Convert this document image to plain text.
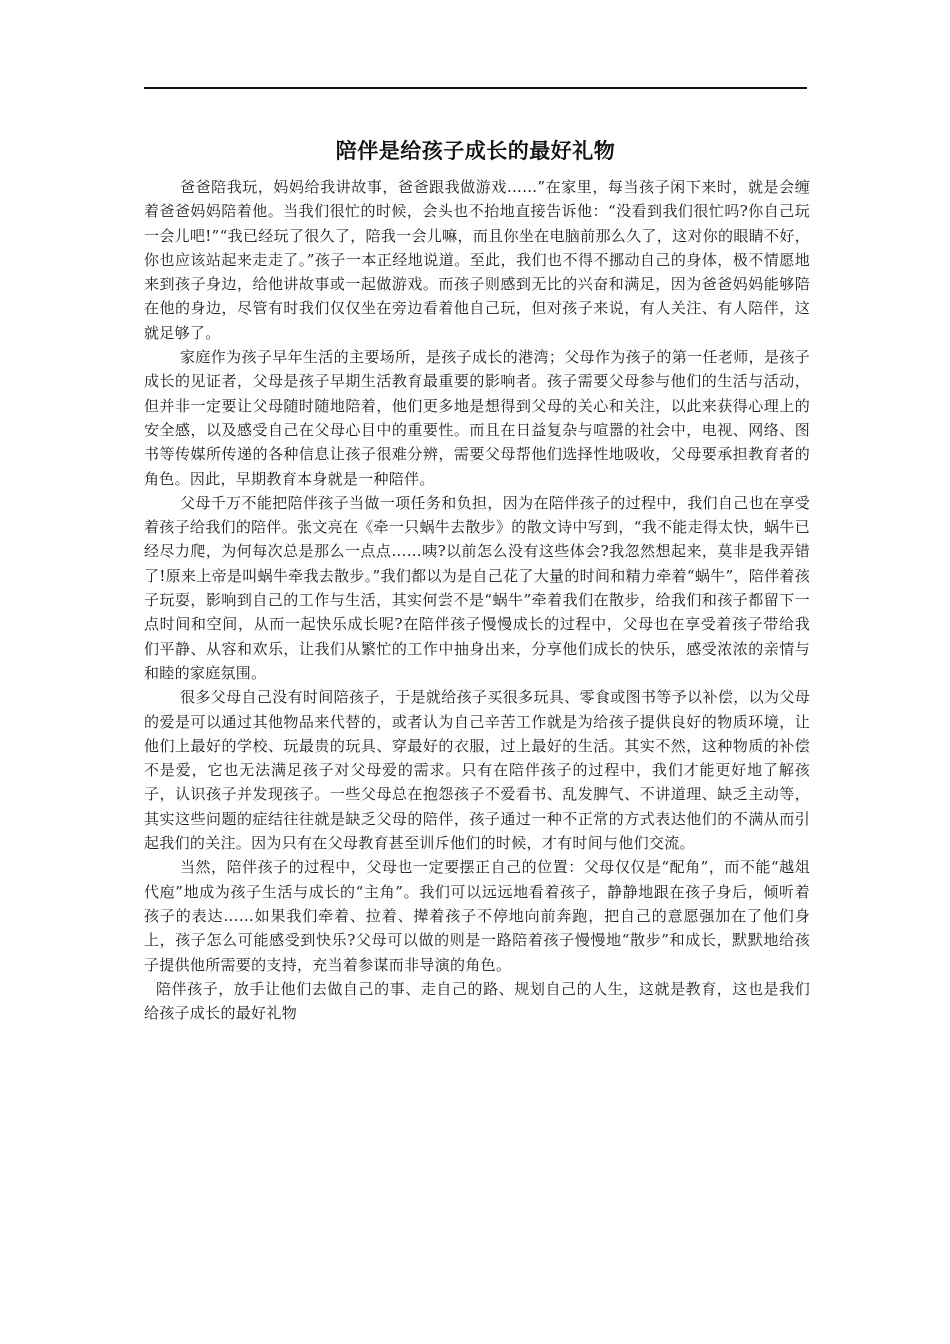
陪伴是给孩子成长的最好礼物

爸爸陪我玩，妈妈给我讲故事，爸爸跟我做游戏……”在家里，每当孩子闲下来时，就是会缠着爸爸妈妈陪着他。当我们很忙的时候，会头也不抬地直接告诉他：“没看到我们很忙吗?你自己玩一会儿吧!”“我已经玩了很久了，陪我一会儿嘛，而且你坐在电脑前那么久了，这对你的眼睛不好，你也应该站起来走走了。”孩子一本正经地说道。至此，我们也不得不挪动自己的身体，极不情愿地来到孩子身边，给他讲故事或一起做游戏。而孩子则感到无比的兴奋和满足，因为爸爸妈妈能够陪在他的身边，尽管有时我们仅仅坐在旁边看着他自己玩，但对孩子来说，有人关注、有人陪伴，这就足够了。

家庭作为孩子早年生活的主要场所，是孩子成长的港湾；父母作为孩子的第一任老师，是孩子成长的见证者，父母是孩子早期生活教育最重要的影响者。孩子需要父母参与他们的生活与活动，但并非一定要让父母随时随地陪着，他们更多地是想得到父母的关心和关注，以此来获得心理上的安全感，以及感受自己在父母心目中的重要性。而且在日益复杂与喧嚣的社会中，电视、网络、图书等传媒所传递的各种信息让孩子很难分辨，需要父母帮他们选择性地吸收，父母要承担教育者的角色。因此，早期教育本身就是一种陪伴。

父母千万不能把陪伴孩子当做一项任务和负担，因为在陪伴孩子的过程中，我们自己也在享受着孩子给我们的陪伴。张文亮在《牵一只蜗牛去散步》的散文诗中写到，“我不能走得太快，蜗牛已经尽力爬，为何每次总是那么一点点……咦?以前怎么没有这些体会?我忽然想起来，莫非是我弄错了!原来上帝是叫蜗牛牵我去散步。”我们都以为是自己花了大量的时间和精力牵着“蜗牛”，陪伴着孩子玩耍，影响到自己的工作与生活，其实何尝不是“蜗牛”牵着我们在散步，给我们和孩子都留下一点时间和空间，从而一起快乐成长呢?在陪伴孩子慢慢成长的过程中，父母也在享受着孩子带给我们平静、从容和欢乐，让我们从繁忙的工作中抽身出来，分享他们成长的快乐，感受浓浓的亲情与和睦的家庭氛围。

很多父母自己没有时间陪孩子，于是就给孩子买很多玩具、零食或图书等予以补偿，以为父母的爱是可以通过其他物品来代替的，或者认为自己辛苦工作就是为给孩子提供良好的物质环境，让他们上最好的学校、玩最贵的玩具、穿最好的衣服，过上最好的生活。其实不然，这种物质的补偿不是爱，它也无法满足孩子对父母爱的需求。只有在陪伴孩子的过程中，我们才能更好地了解孩子，认识孩子并发现孩子。一些父母总在抱怨孩子不爱看书、乱发脾气、不讲道理、缺乏主动等，其实这些问题的症结往往就是缺乏父母的陪伴，孩子通过一种不正常的方式表达他们的不满从而引起我们的关注。因为只有在父母教育甚至训斥他们的时候，才有时间与他们交流。

当然，陪伴孩子的过程中，父母也一定要摆正自己的位置：父母仅仅是“配角”，而不能“越俎代庖”地成为孩子生活与成长的“主角”。我们可以远远地看着孩子，静静地跟在孩子身后，倾听着孩子的表达……如果我们牵着、拉着、撵着孩子不停地向前奔跑，把自己的意愿强加在了他们身上，孩子怎么可能感受到快乐?父母可以做的则是一路陪着孩子慢慢地“散步”和成长，默默地给孩子提供他所需要的支持，充当着参谋而非导演的角色。

陪伴孩子，放手让他们去做自己的事、走自己的路、规划自己的人生，这就是教育，这也是我们给孩子成长的最好礼物
